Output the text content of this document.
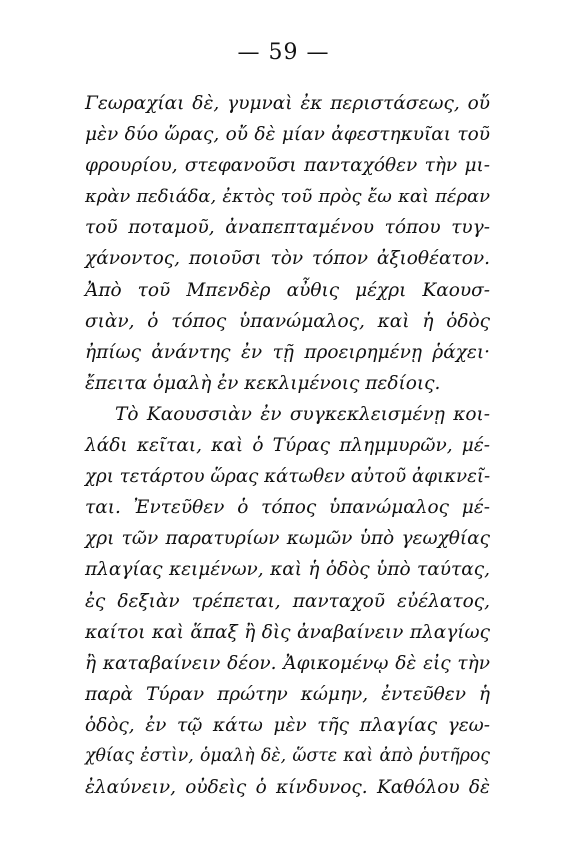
— 59 —
Γεωραχίαι δὲ, γυμναὶ ἐκ περιστάσεως, οὔ
μὲν δύο ὥρας, οὔ δὲ μίαν ἀφεστηκυῖαι τοῦ
φρουρίου, στεφανοῦσι πανταχόθεν τὴν μι-
κρὰν πεδιάδα, ἐκτὸς τοῦ πρὸς ἔω καὶ πέραν
τοῦ ποταμοῦ, ἀναπεπταμένου τόπου τυγ-
χάνοντος, ποιοῦσι τὸν τόπον ἀξιοθέατον.
Ἀπὸ τοῦ Μπενδὲρ αὖθις μέχρι Καουσ-
σιὰν, ὁ τόπος ὑπανώμαλος, καὶ ἡ ὁδὸς
ἠπίως ἀνάντης ἐν τῇ προειρημένῃ ῥάχει·
ἔπειτα ὁμαλὴ ἐν κεκλιμένοις πεδίοις.
Τὸ Καουσσιὰν ἐν συγκεκλεισμένῃ κοι-
λάδι κεῖται, καὶ ὁ Τύρας πλημμυρῶν, μέ-
χρι τετάρτου ὥρας κάτωθεν αὐτοῦ ἀφικνεῖ-
ται. Ἐντεῦθεν ὁ τόπος ὑπανώμαλος μέ-
χρι τῶν παρατυρίων κωμῶν ὑπὸ γεωχθίας
πλαγίας κειμένων, καὶ ἡ ὁδὸς ὑπὸ ταύτας,
ἐς δεξιὰν τρέπεται, πανταχοῦ εὐέλατος,
καίτοι καὶ ἅπαξ ἢ δὶς ἀναβαίνειν πλαγίως
ἢ καταβαίνειν δέον. Ἀφικομένῳ δὲ εἰς τὴν
παρὰ Τύραν πρώτην κώμην, ἐντεῦθεν ἡ
ὁδὸς, ἐν τῷ κάτω μὲν τῆς πλαγίας γεω-
χθίας ἐστὶν, ὁμαλὴ δὲ, ὥστε καὶ ἀπὸ ῥυτῆρος
ἐλαύνειν, οὐδεὶς ὁ κίνδυνος. Καθόλου δὲ
